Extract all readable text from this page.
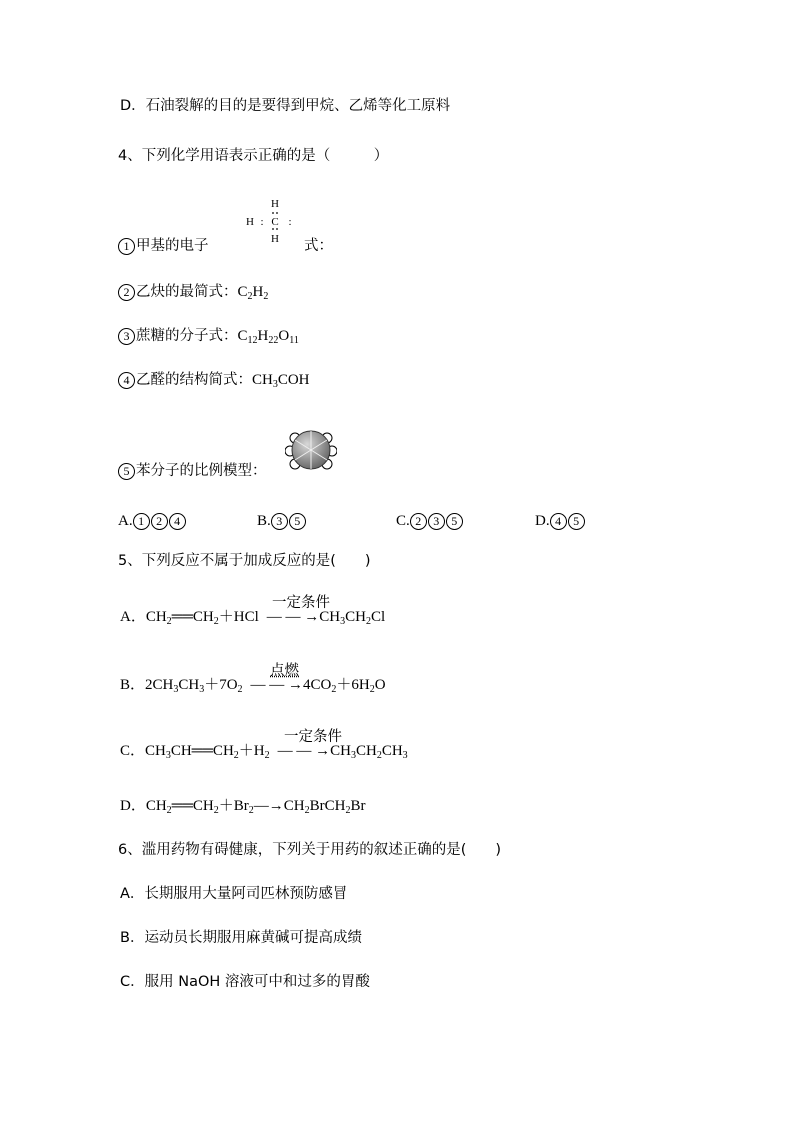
D．石油裂解的目的是要得到甲烷、乙烯等化工原料
4、下列化学用语表示正确的是（　　　）
H
H : C :
H
1 甲基的电子	式：
2 乙炔的最简式：$C_2H_2$
3 蔗糖的分子式：$C_{12}H_{22}O_{11}$
4 乙醛的结构简式：$CH_3COH$
5 苯分子的比例模型：
A. 1 2 4	B. 3 5	C. 2 3 5	D. 4 5
5、下列反应不属于加成反应的是(　　)
一定条件
A．$CH_2══CH_2+HCl$ — — $\to CH_3CH_2Cl$
点燃
B．$2CH_3CH_3+7O_2$ — — $\to 4CO_2+6H_2O$
一定条件
C．$CH_3CH══CH_2+H_2$ — — $\to CH_3CH_2CH_3$
D．$CH_2══CH_2+Br_2—\to CH_2BrCH_2Br$
6、滥用药物有碍健康，下列关于用药的叙述正确的是(　　)
A．长期服用大量阿司匹林预防感冒
B．运动员长期服用麻黄碱可提高成绩
C．服用 NaOH 溶液可中和过多的胃酸
